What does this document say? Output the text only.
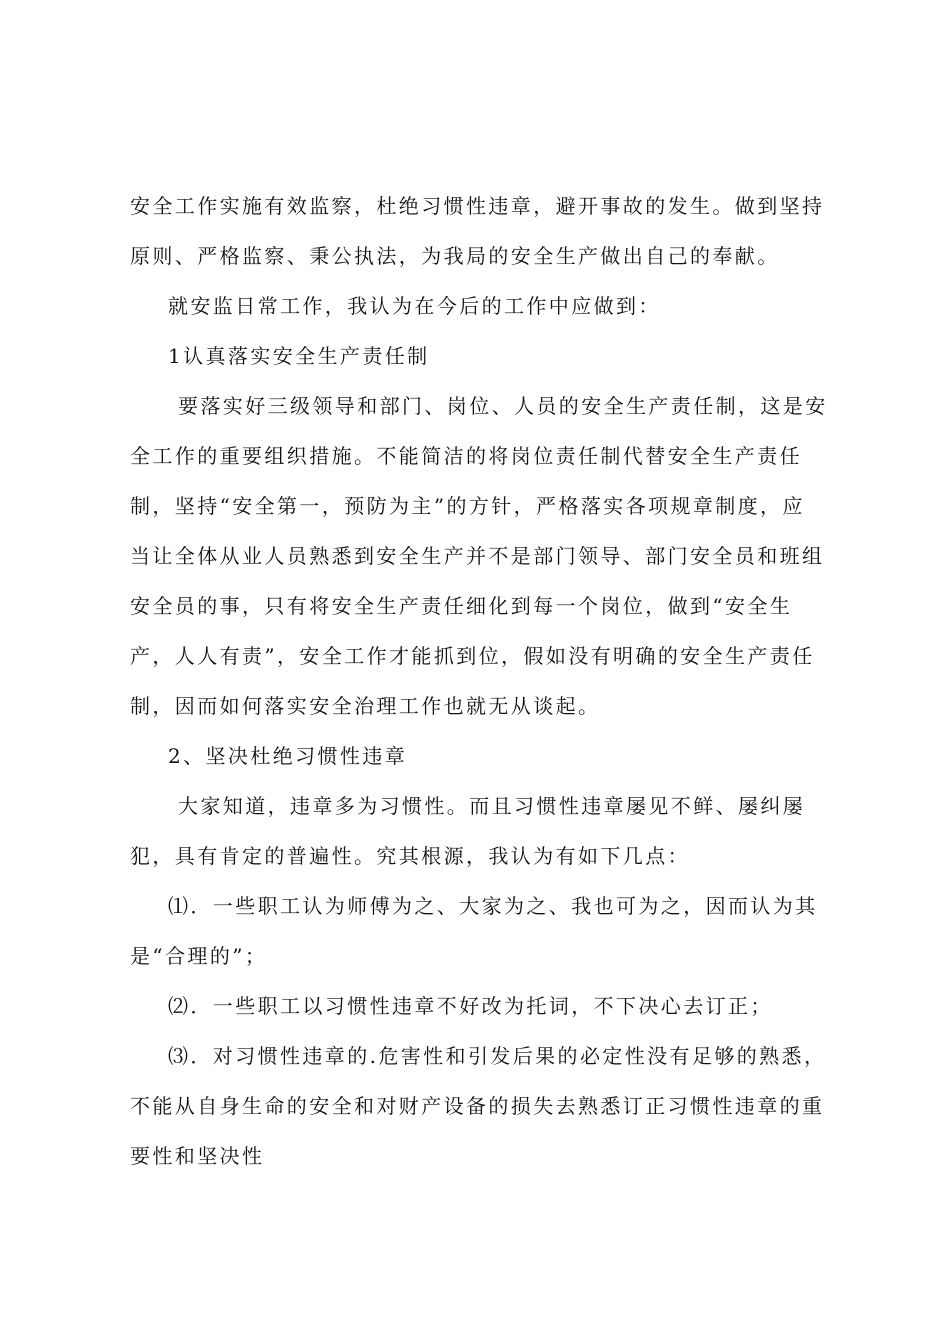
安全工作实施有效监察，杜绝习惯性违章，避开事故的发生。做到坚持
原则、严格监察、秉公执法，为我局的安全生产做出自己的奉献。
就安监日常工作，我认为在今后的工作中应做到：
1认真落实安全生产责任制
要落实好三级领导和部门、岗位、人员的安全生产责任制，这是安
全工作的重要组织措施。不能简洁的将岗位责任制代替安全生产责任
制，坚持“安全第一，预防为主”的方针，严格落实各项规章制度，应
当让全体从业人员熟悉到安全生产并不是部门领导、部门安全员和班组
安全员的事，只有将安全生产责任细化到每一个岗位，做到“安全生
产，人人有责”，安全工作才能抓到位，假如没有明确的安全生产责任
制，因而如何落实安全治理工作也就无从谈起。
2、坚决杜绝习惯性违章
大家知道，违章多为习惯性。而且习惯性违章屡见不鲜、屡纠屡
犯，具有肯定的普遍性。究其根源，我认为有如下几点：
⑴．一些职工认为师傅为之、大家为之、我也可为之，因而认为其
是“合理的”；
⑵．一些职工以习惯性违章不好改为托词，不下决心去订正；
⑶．对习惯性违章的.危害性和引发后果的必定性没有足够的熟悉，
不能从自身生命的安全和对财产设备的损失去熟悉订正习惯性违章的重
要性和坚决性
